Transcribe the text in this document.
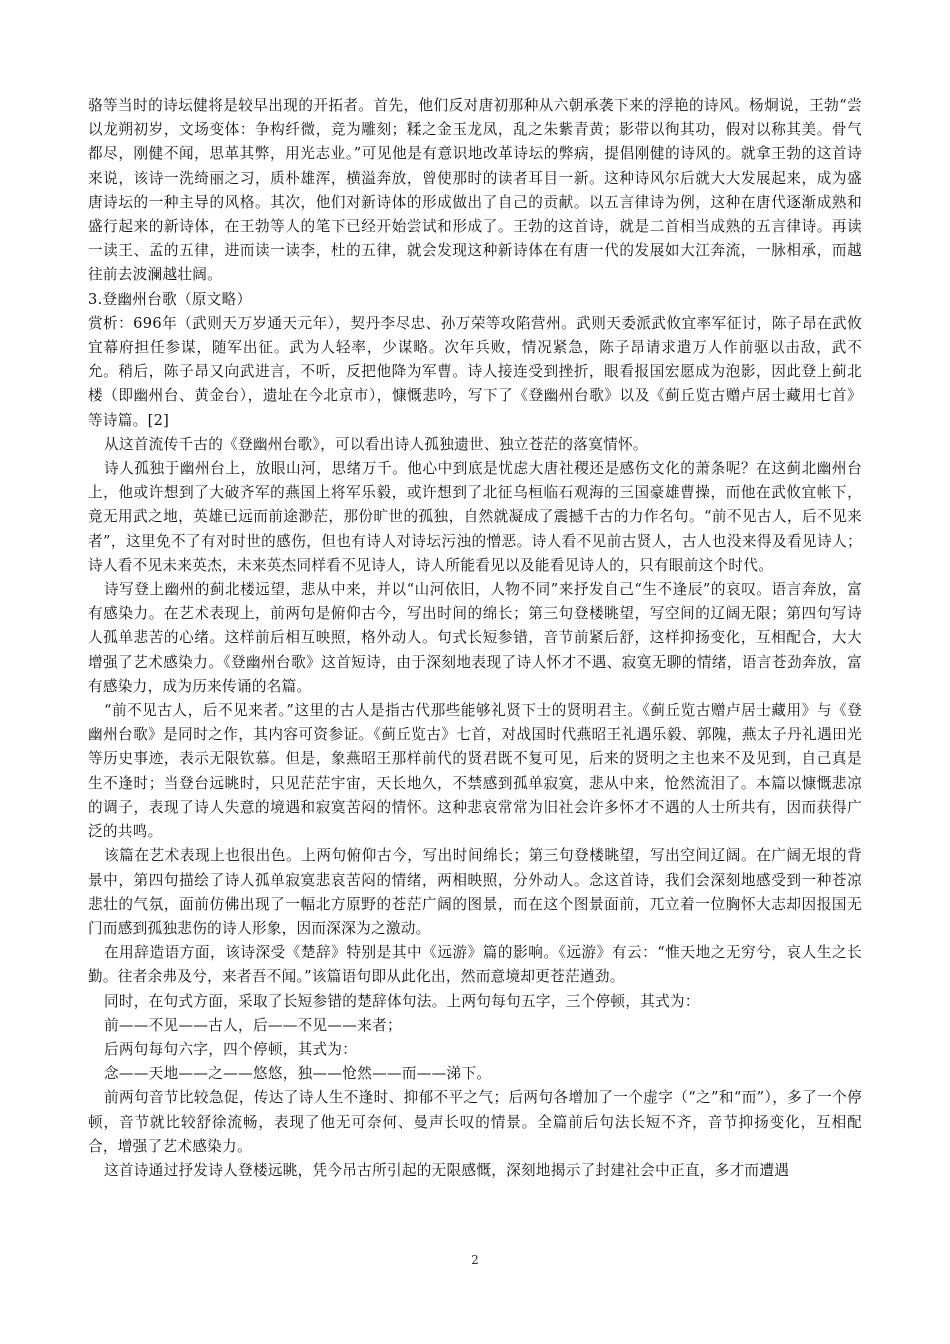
骆等当时的诗坛健将是较早出现的开拓者。首先，他们反对唐初那种从六朝承袭下来的浮艳的诗风。杨炯说，王勃“尝以龙朔初岁，文场变体：争构纤微，竞为雕刻；糅之金玉龙凤，乱之朱紫青黄；影带以徇其功，假对以称其美。骨气都尽，刚健不闻，思革其弊，用光志业。”可见他是有意识地改革诗坛的弊病，提倡刚健的诗风的。就拿王勃的这首诗来说，该诗一洗绮丽之习，质朴雄浑，横溢奔放，曾使那时的读者耳目一新。这种诗风尔后就大大发展起来，成为盛唐诗坛的一种主导的风格。其次，他们对新诗体的形成做出了自己的贡献。以五言律诗为例，这种在唐代逐渐成熟和盛行起来的新诗体，在王勃等人的笔下已经开始尝试和形成了。王勃的这首诗，就是二首相当成熟的五言律诗。再读一读王、孟的五律，进而读一读李，杜的五律，就会发现这种新诗体在有唐一代的发展如大江奔流，一脉相承，而越往前去波澜越壮阔。

3.登幽州台歌（原文略）

赏析：696年（武则天万岁通天元年），契丹李尽忠、孙万荣等攻陷营州。武则天委派武攸宜率军征讨，陈子昂在武攸宜幕府担任参谋，随军出征。武为人轻率，少谋略。次年兵败，情况紧急，陈子昂请求遣万人作前驱以击敌，武不允。稍后，陈子昂又向武进言，不听，反把他降为军曹。诗人接连受到挫折，眼看报国宏愿成为泡影，因此登上蓟北楼（即幽州台、黄金台），遗址在今北京市），慷慨悲吟，写下了《登幽州台歌》以及《蓟丘览古赠卢居士藏用七首》等诗篇。[2]

从这首流传千古的《登幽州台歌》，可以看出诗人孤独遗世、独立苍茫的落寞情怀。

诗人孤独于幽州台上，放眼山河，思绪万千。他心中到底是忧虑大唐社稷还是感伤文化的萧条呢？在这蓟北幽州台上，他或许想到了大破齐军的燕国上将军乐毅，或许想到了北征乌桓临石观海的三国豪雄曹操，而他在武攸宜帐下，竟无用武之地，英雄已远而前途渺茫，那份旷世的孤独，自然就凝成了震撼千古的力作名句。“前不见古人，后不见来者”，这里免不了有对时世的感伤，但也有诗人对诗坛污浊的憎恶。诗人看不见前古贤人，古人也没来得及看见诗人；诗人看不见未来英杰，未来英杰同样看不见诗人，诗人所能看见以及能看见诗人的，只有眼前这个时代。

诗写登上幽州的蓟北楼远望，悲从中来，并以“山河依旧，人物不同”来抒发自己“生不逢辰”的哀叹。语言奔放，富有感染力。在艺术表现上，前两句是俯仰古今，写出时间的绵长；第三句登楼眺望，写空间的辽阔无限；第四句写诗人孤单悲苦的心绪。这样前后相互映照，格外动人。句式长短参错，音节前紧后舒，这样抑扬变化，互相配合，大大增强了艺术感染力。《登幽州台歌》这首短诗，由于深刻地表现了诗人怀才不遇、寂寞无聊的情绪，语言苍劲奔放，富有感染力，成为历来传诵的名篇。

“前不见古人，后不见来者。”这里的古人是指古代那些能够礼贤下士的贤明君主。《蓟丘览古赠卢居士藏用》与《登幽州台歌》是同时之作，其内容可资参证。《蓟丘览古》七首，对战国时代燕昭王礼遇乐毅、郭隗，燕太子丹礼遇田光等历史事迹，表示无限钦慕。但是，象燕昭王那样前代的贤君既不复可见，后来的贤明之主也来不及见到，自己真是生不逢时；当登台远眺时，只见茫茫宇宙，天长地久，不禁感到孤单寂寞，悲从中来，怆然流泪了。本篇以慷慨悲凉的调子，表现了诗人失意的境遇和寂寞苦闷的情怀。这种悲哀常常为旧社会许多怀才不遇的人士所共有，因而获得广泛的共鸣。

该篇在艺术表现上也很出色。上两句俯仰古今，写出时间绵长；第三句登楼眺望，写出空间辽阔。在广阔无垠的背景中，第四句描绘了诗人孤单寂寞悲哀苦闷的情绪，两相映照，分外动人。念这首诗，我们会深刻地感受到一种苍凉悲壮的气氛，面前仿佛出现了一幅北方原野的苍茫广阔的图景，而在这个图景面前，兀立着一位胸怀大志却因报国无门而感到孤独悲伤的诗人形象，因而深深为之激动。

在用辞造语方面，该诗深受《楚辞》特别是其中《远游》篇的影响。《远游》有云：“惟天地之无穷兮，哀人生之长勤。往者余弗及兮，来者吾不闻。”该篇语句即从此化出，然而意境却更苍茫遒劲。

同时，在句式方面，采取了长短参错的楚辞体句法。上两句每句五字，三个停顿，其式为：

前——不见——古人，后——不见——来者；

后两句每句六字，四个停顿，其式为：

念——天地——之——悠悠，独——怆然——而——涕下。

前两句音节比较急促，传达了诗人生不逢时、抑郁不平之气；后两句各增加了一个虚字（“之”和“而”），多了一个停顿，音节就比较舒徐流畅，表现了他无可奈何、曼声长叹的情景。全篇前后句法长短不齐，音节抑扬变化，互相配合，增强了艺术感染力。

这首诗通过抒发诗人登楼远眺，凭今吊古所引起的无限感慨，深刻地揭示了封建社会中正直，多才而遭遇

2
